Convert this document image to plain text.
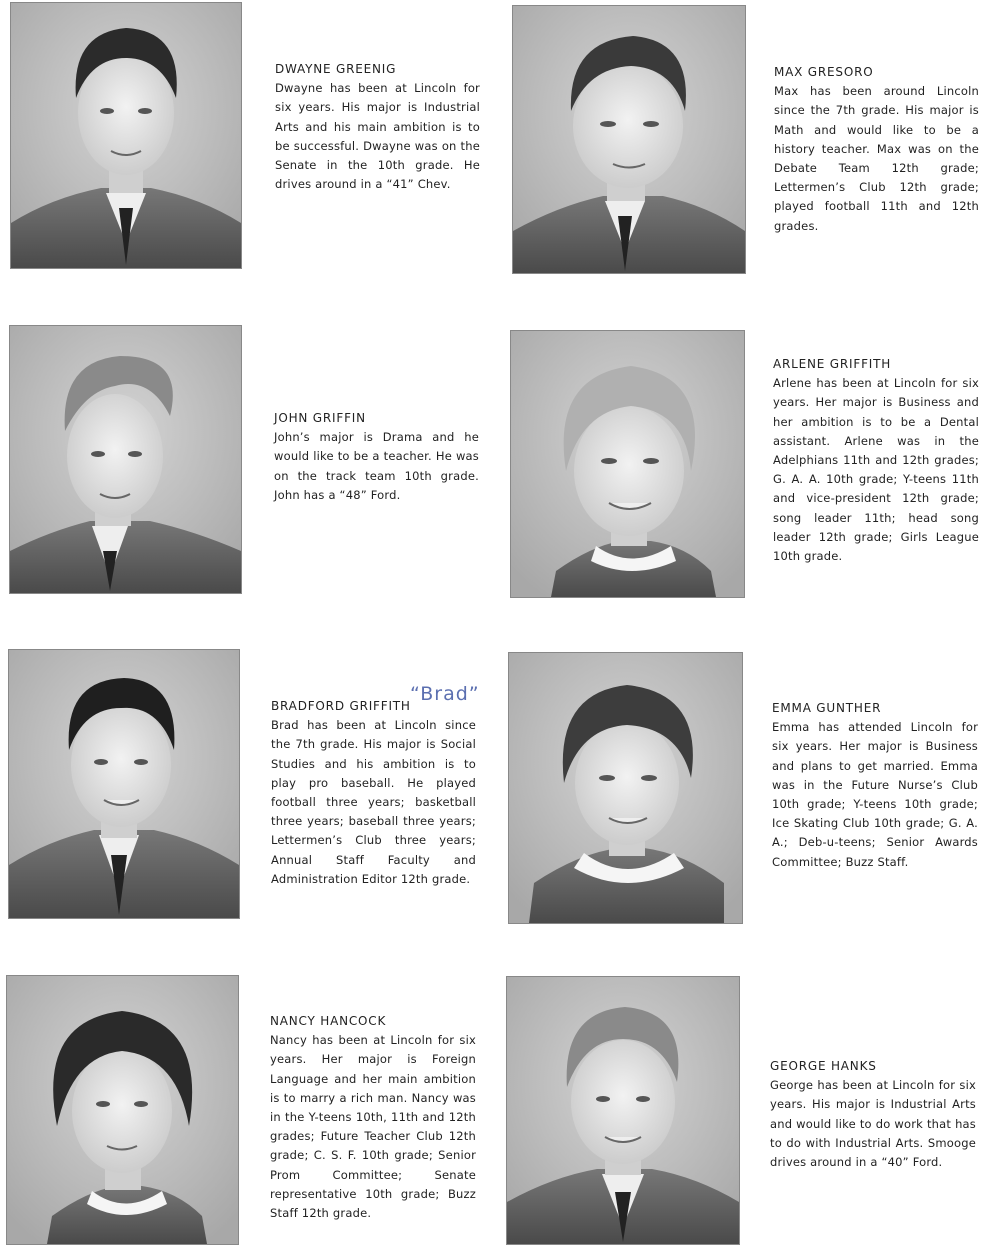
DWAYNE GREENIG
Dwayne has been at Lincoln for six years. His major is Industrial Arts and his main ambition is to be successful. Dwayne was on the Senate in the 10th grade. He drives around in a “41” Chev.
MAX GRESORO
Max has been around Lincoln since the 7th grade. His major is Math and would like to be a history teacher. Max was on the Debate Team 12th grade; Lettermen’s Club 12th grade; played football 11th and 12th grades.
JOHN GRIFFIN
John’s major is Drama and he would like to be a teacher. He was on the track team 10th grade. John has a “48” Ford.
ARLENE GRIFFITH
Arlene has been at Lincoln for six years. Her major is Business and her ambition is to be a Dental assistant. Arlene was in the Adelphians 11th and 12th grades; G. A. A. 10th grade; Y-teens 11th and vice-president 12th grade; song leader 11th; head song leader 12th grade; Girls League 10th grade.
BRADFORD GRIFFITH
Brad has been at Lincoln since the 7th grade. His major is Social Studies and his ambition is to play pro baseball. He played football three years; basketball three years; baseball three years; Lettermen’s Club three years; Annual Staff Faculty and Administration Editor 12th grade.
“Brad”
EMMA GUNTHER
Emma has attended Lincoln for six years. Her major is Business and plans to get married. Emma was in the Future Nurse’s Club 10th grade; Y-teens 10th grade; Ice Skating Club 10th grade; G. A. A.; Deb-u-teens; Senior Awards Committee; Buzz Staff.
NANCY HANCOCK
Nancy has been at Lincoln for six years. Her major is Foreign Language and her main ambition is to marry a rich man. Nancy was in the Y-teens 10th, 11th and 12th grades; Future Teacher Club 12th grade; C. S. F. 10th grade; Senior Prom Committee; Senate representative 10th grade; Buzz Staff 12th grade.
GEORGE HANKS
George has been at Lincoln for six years. His major is Industrial Arts and would like to do work that has to do with Industrial Arts. Smooge drives around in a “40” Ford.
